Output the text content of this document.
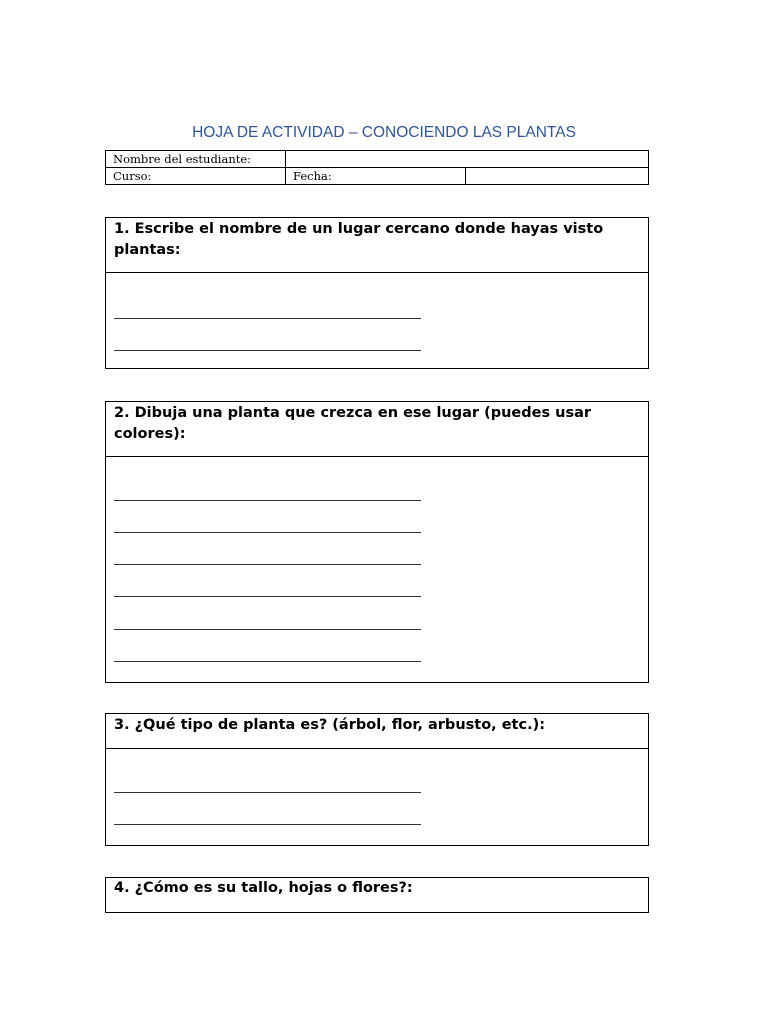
HOJA DE ACTIVIDAD – CONOCIENDO LAS PLANTAS
Nombre del estudiante:		
Curso:	Fecha:	
1. Escribe el nombre de un lugar cercano donde hayas visto plantas:
2. Dibuja una planta que crezca en ese lugar (puedes usar colores):
3. ¿Qué tipo de planta es? (árbol, flor, arbusto, etc.):
4. ¿Cómo es su tallo, hojas o flores?:
